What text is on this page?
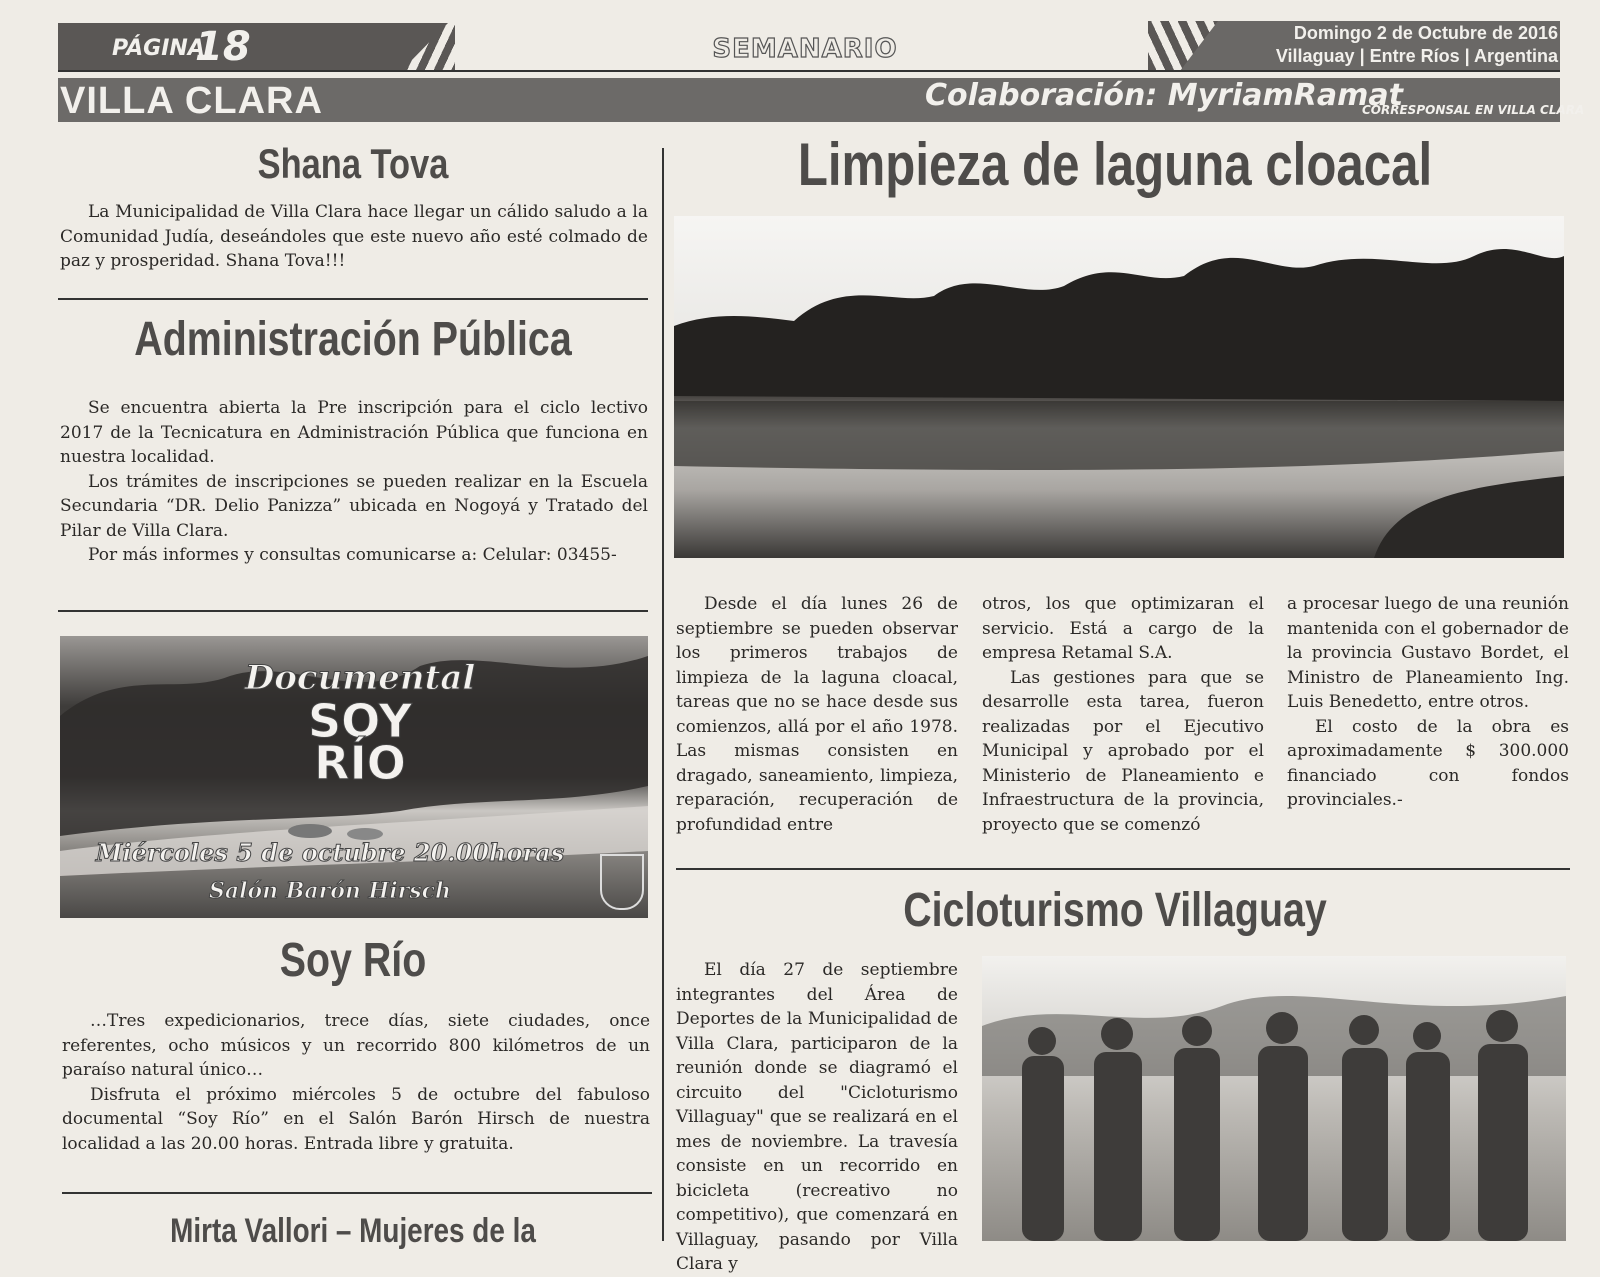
PÁGINA
18	SEMANARIO
Domingo 2 de Octubre de 2016
Villaguay | Entre Ríos | Argentina
VILLA CLARA	Colaboración: MyriamRamat
CORRESPONSAL EN VILLA CLARA
Shana Tova

La Municipalidad de Villa Clara hace llegar un cálido saludo a la Comunidad Judía, deseándoles que este nuevo año esté colmado de paz y prosperidad. Shana Tova!!!

Administración Pública

Se encuentra abierta la Pre inscripción para el ciclo lectivo 2017 de la Tecnicatura en Administración Pública que funciona en nuestra localidad.

Los trámites de inscripciones se pueden realizar en la Escuela Secundaria “DR. Delio Panizza” ubicada en Nogoyá y Tratado del Pilar de Villa Clara.

Por más informes y consultas comunicarse a: Celular: 03455-

Documental
SOY
RÍO
Miércoles 5 de octubre 20.00horas
Salón Barón Hirsch
Soy Río

…Tres expedicionarios, trece días, siete ciudades, once referentes, ocho músicos y un recorrido 800 kilómetros de un paraíso natural único…

Disfruta el próximo miércoles 5 de octubre del fabuloso documental “Soy Río” en el Salón Barón Hirsch de nuestra localidad a las 20.00 horas. Entrada libre y gratuita.

Mirta Vallori – Mujeres de la
Limpieza de laguna cloacal

Desde el día lunes 26 de septiembre se pueden observar los primeros trabajos de limpieza de la laguna cloacal, tareas que no se hace desde sus comienzos, allá por el año 1978. Las mismas consisten en dragado, saneamiento, limpieza, reparación, recuperación de profundidad entre

otros, los que optimizaran el servicio. Está a cargo de la empresa Retamal S.A.

Las gestiones para que se desarrolle esta tarea, fueron realizadas por el Ejecutivo Municipal y aprobado por el Ministerio de Planeamiento e Infraestructura de la provincia, proyecto que se comenzó

a procesar luego de una reunión mantenida con el gobernador de la provincia Gustavo Bordet, el Ministro de Planeamiento Ing. Luis Benedetto, entre otros.

El costo de la obra es aproximadamente $ 300.000 financiado con fondos provinciales.-

Cicloturismo Villaguay

El día 27 de septiembre integrantes del Área de Deportes de la Municipalidad de Villa Clara, participaron de la reunión donde se diagramó el circuito del "Cicloturismo Villaguay" que se realizará en el mes de noviembre. La travesía consiste en un recorrido en bicicleta (recreativo no competitivo), que comenzará en Villaguay, pasando por Villa Clara y
